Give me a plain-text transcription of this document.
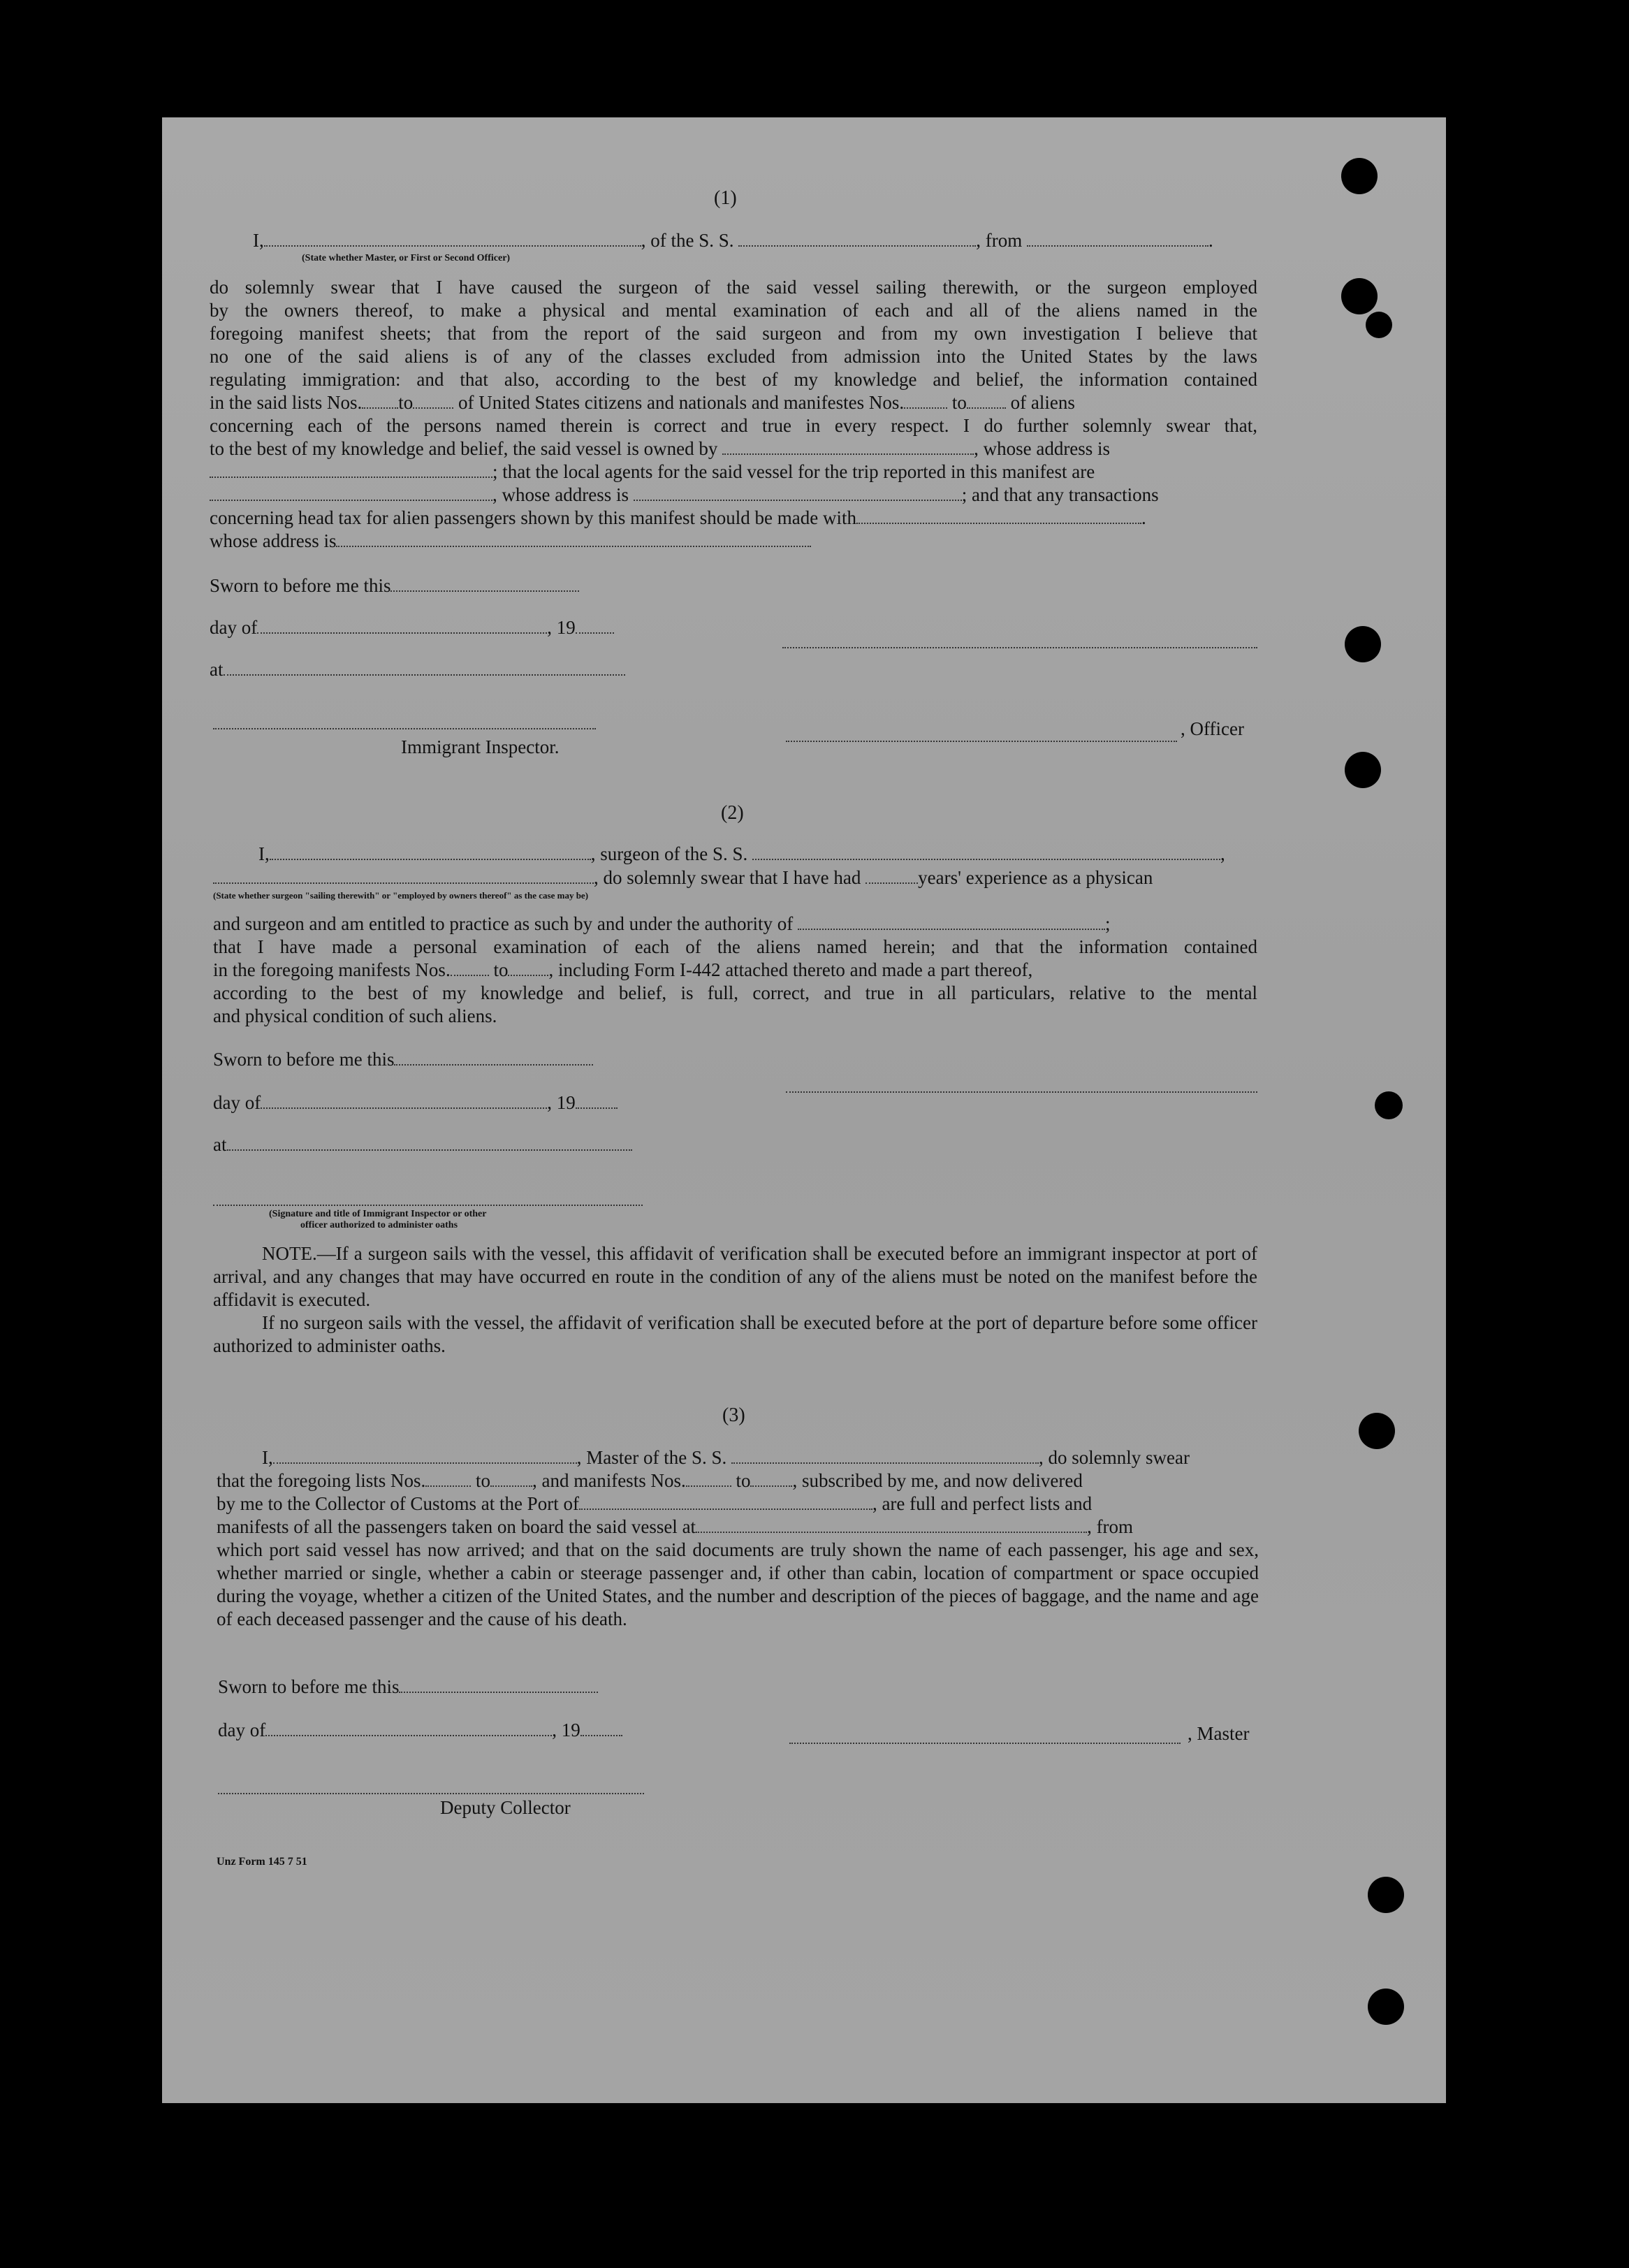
(1)
I,	, of the S. S.	, from	.
(State whether Master, or First or Second Officer)
do solemnly swear that I have caused the surgeon of the said vessel sailing therewith, or the surgeon employed
by the owners thereof, to make a physical and mental examination of each and all of the aliens named in the
foregoing manifest sheets; that from the report of the said surgeon and from my own investigation I believe that
no one of the said aliens is of any of the classes excluded from admission into the United States by the laws
regulating immigration: and that also, according to the best of my knowledge and belief, the information contained
in the said lists Nos. to of United States citizens and nationals and manifestes Nos.	to of aliens
concerning each of the persons named therein is correct and true in every respect. I do further solemnly swear that,
to the best of my knowledge and belief, the said vessel is owned by	, whose address is
; that the local agents for the said vessel for the trip reported in this manifest are
, whose address is	; and that any transactions
concerning head tax for alien passengers shown by this manifest should be made with	.
whose address is
Sworn to before me this
day of	, 19
at
, Officer
Immigrant Inspector.
(2)
I,	, surgeon of the S. S.	,
, do solemnly swear that I have had	years' experience as a physican
(State whether surgeon "sailing therewith" or "employed by owners thereof" as the case may be)
and surgeon and am entitled to practice as such by and under the authority of	;
that I have made a personal examination of each of the aliens named herein; and that the information contained
in the foregoing manifests Nos. to , including Form I-442 attached thereto and made a part thereof,
according to the best of my knowledge and belief, is full, correct, and true in all particulars, relative to the mental
and physical condition of such aliens.
Sworn to before me this
day of	, 19
at
(Signature and title of Immigrant Inspector or other
officer authorized to administer oaths
NOTE.—If a surgeon sails with the vessel, this affidavit of verification shall be executed before an immigrant inspector at port of arrival, and any changes that may have occurred en route in the condition of any of the aliens must be noted on the manifest before the affidavit is executed.
If no surgeon sails with the vessel, the affidavit of verification shall be executed before at the port of departure before some officer authorized to administer oaths.
(3)
I,	, Master of the S. S.	, do solemnly swear
that the foregoing lists Nos.	to , and manifests Nos.	to , subscribed by me, and now delivered
by me to the Collector of Customs at the Port of	, are full and perfect lists and
manifests of all the passengers taken on board the said vessel at	, from
which port said vessel has now arrived; and that on the said documents are truly shown the name of each passenger, his age and sex, whether married or single, whether a cabin or steerage passenger and, if other than cabin, location of compartment or space occupied during the voyage, whether a citizen of the United States, and the number and description of the pieces of baggage, and the name and age of each deceased passenger and the cause of his death.
Sworn to before me this
day of	, 19	, Master
Deputy Collector
Unz Form 145 7 51
